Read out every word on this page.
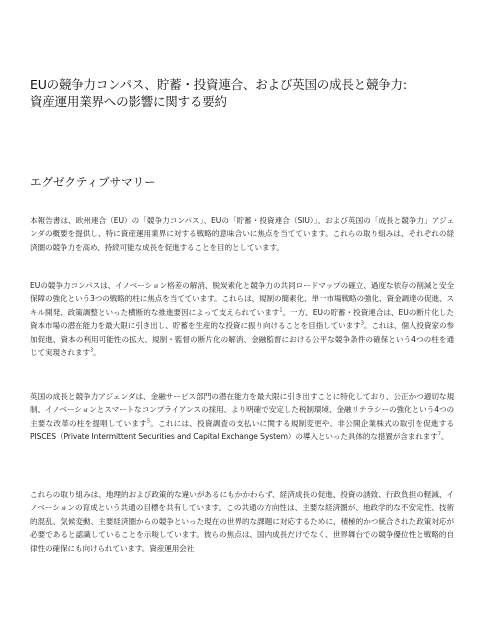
EUの競争力コンパス、貯蓄・投資連合、および英国の成長と競争力:
資産運用業界への影響に関する要約
エグゼクティブサマリー

本報告書は、欧州連合（EU）の「競争力コンパス」、EUの「貯蓄・投資連合（SIU）」、および英国の「成長と競争力」アジェンダの概要を提供し、特に資産運用業界に対する戦略的意味合いに焦点を当てています。これらの取り組みは、それぞれの経済圏の競争力を高め、持続可能な成長を促進することを目的としています。

EUの競争力コンパスは、イノベーション格差の解消、脱炭素化と競争力の共同ロードマップの確立、過度な依存の削減と安全保障の強化という3つの戦略的柱に焦点を当てています。これらは、規制の簡素化、単一市場戦略の強化、資金調達の促進、スキル開発、政策調整といった横断的な推進要因によって支えられています$^1$。一方、EUの貯蓄・投資連合は、EUの断片化した資本市場の潜在能力を最大限に引き出し、貯蓄を生産的な投資に振り向けることを目指しています$^3$。これは、個人投資家の参加促進、資本の利用可能性の拡大、規制・監督の断片化の解消、金融監督における公平な競争条件の確保という4つの柱を通じて実現されます$^3$。

英国の成長と競争力アジェンダは、金融サービス部門の潜在能力を最大限に引き出すことに特化しており、公正かつ適切な規制、イノベーションとスマートなコンプライアンスの採用、より明確で安定した税制環境、金融リテラシーの強化という4つの主要な改革の柱を提唱しています$^5$。これには、投資調査の支払いに関する規制変更や、非公開企業株式の取引を促進するPISCES（Private Intermittent Securities and Capital Exchange System）の導入といった具体的な措置が含まれます$^7$。

これらの取り組みは、地理的および政策的な違いがあるにもかかわらず、経済成長の促進、投資の誘致、行政負担の軽減、イノベーションの育成という共通の目標を共有しています。この共通の方向性は、主要な経済圏が、地政学的な不安定性、技術的混乱、気候変動、主要経済圏からの競争といった現在の世界的な課題に対応するために、積極的かつ統合された政策対応が必要であると認識していることを示唆しています。彼らの焦点は、国内成長だけでなく、世界舞台での競争優位性と戦略的自律性の確保にも向けられています。資産運用会社
